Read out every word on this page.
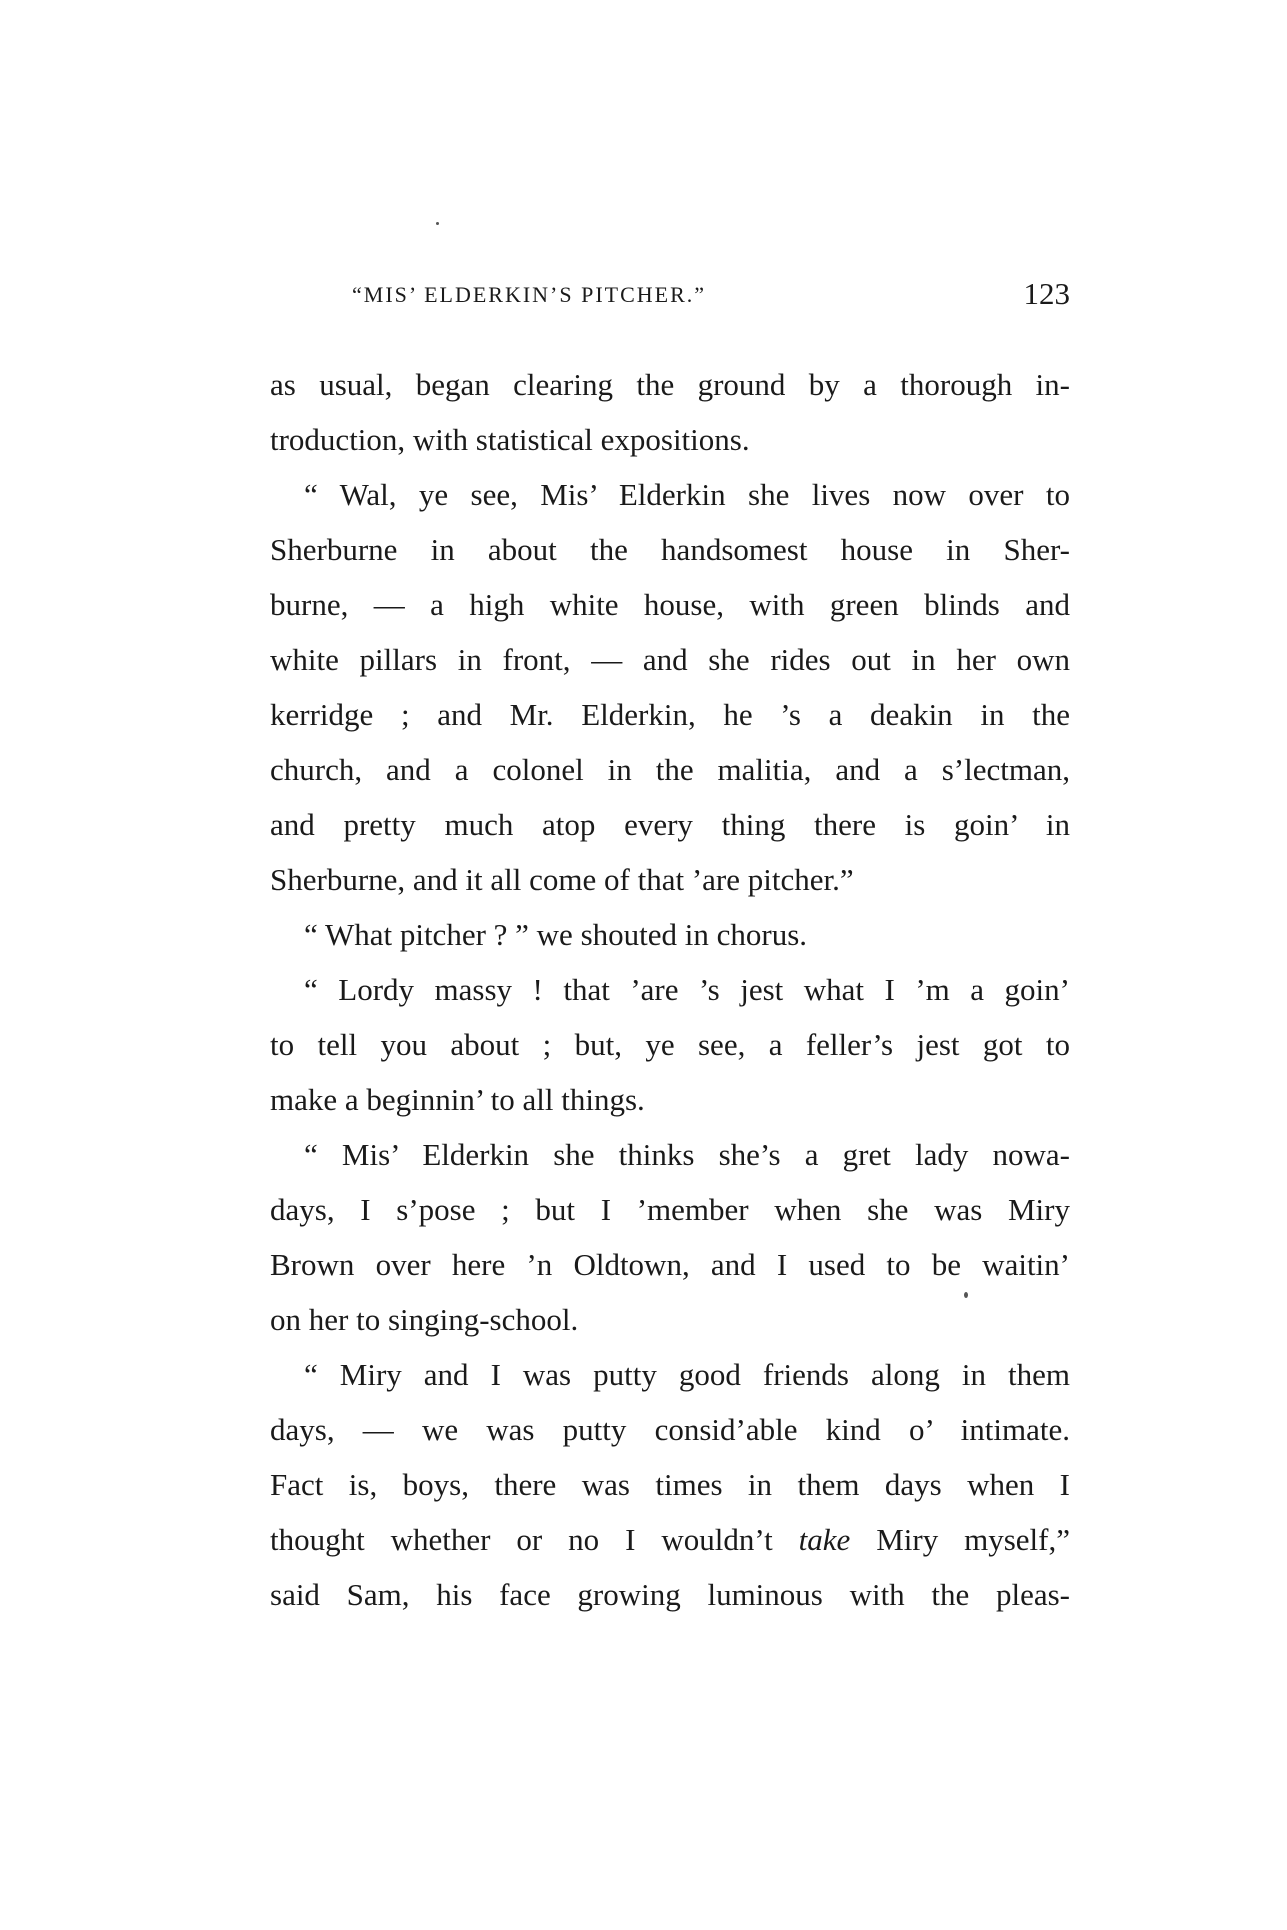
“MIS’ ELDERKIN’S PITCHER.”	123
as usual, began clearing the ground by a thorough in-
troduction, with statistical expositions.
“ Wal, ye see, Mis’ Elderkin she lives now over to
Sherburne in about the handsomest house in Sher-
burne, — a high white house, with green blinds and
white pillars in front, — and she rides out in her own
kerridge ; and Mr. Elderkin, he ’s a deakin in the
church, and a colonel in the malitia, and a s’lectman,
and pretty much atop every thing there is goin’ in
Sherburne, and it all come of that ’are pitcher.”
“ What pitcher ? ” we shouted in chorus.
“ Lordy massy ! that ’are ’s jest what I ’m a goin’
to tell you about ; but, ye see, a feller’s jest got to
make a beginnin’ to all things.
“ Mis’ Elderkin she thinks she’s a gret lady nowa-
days, I s’pose ; but I ’member when she was Miry
Brown over here ’n Oldtown, and I used to be waitin’
on her to singing-school.
“ Miry and I was putty good friends along in them
days, — we was putty consid’able kind o’ intimate.
Fact is, boys, there was times in them days when I
thought whether or no I wouldn’t take Miry myself,”
said Sam, his face growing luminous with the pleas-
